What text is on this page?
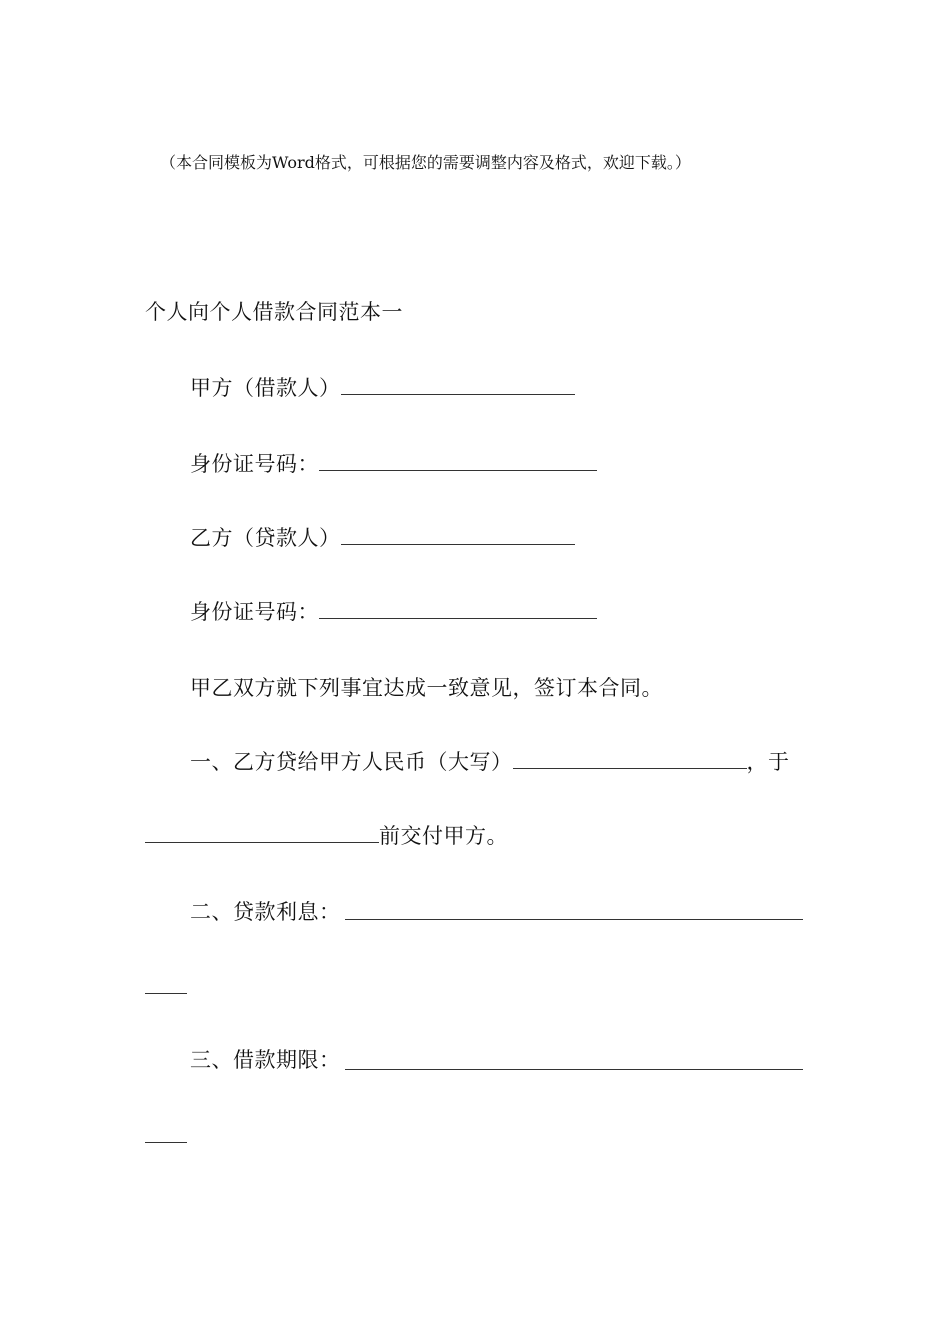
（本合同模板为Word格式，可根据您的需要调整内容及格式，欢迎下载。）
个人向个人借款合同范本一
甲方（借款人）
身份证号码：
乙方（贷款人）
身份证号码：
甲乙双方就下列事宜达成一致意见，签订本合同。
一、乙方贷给甲方人民币（大写）	，于
前交付甲方。
二、贷款利息：
三、借款期限：
